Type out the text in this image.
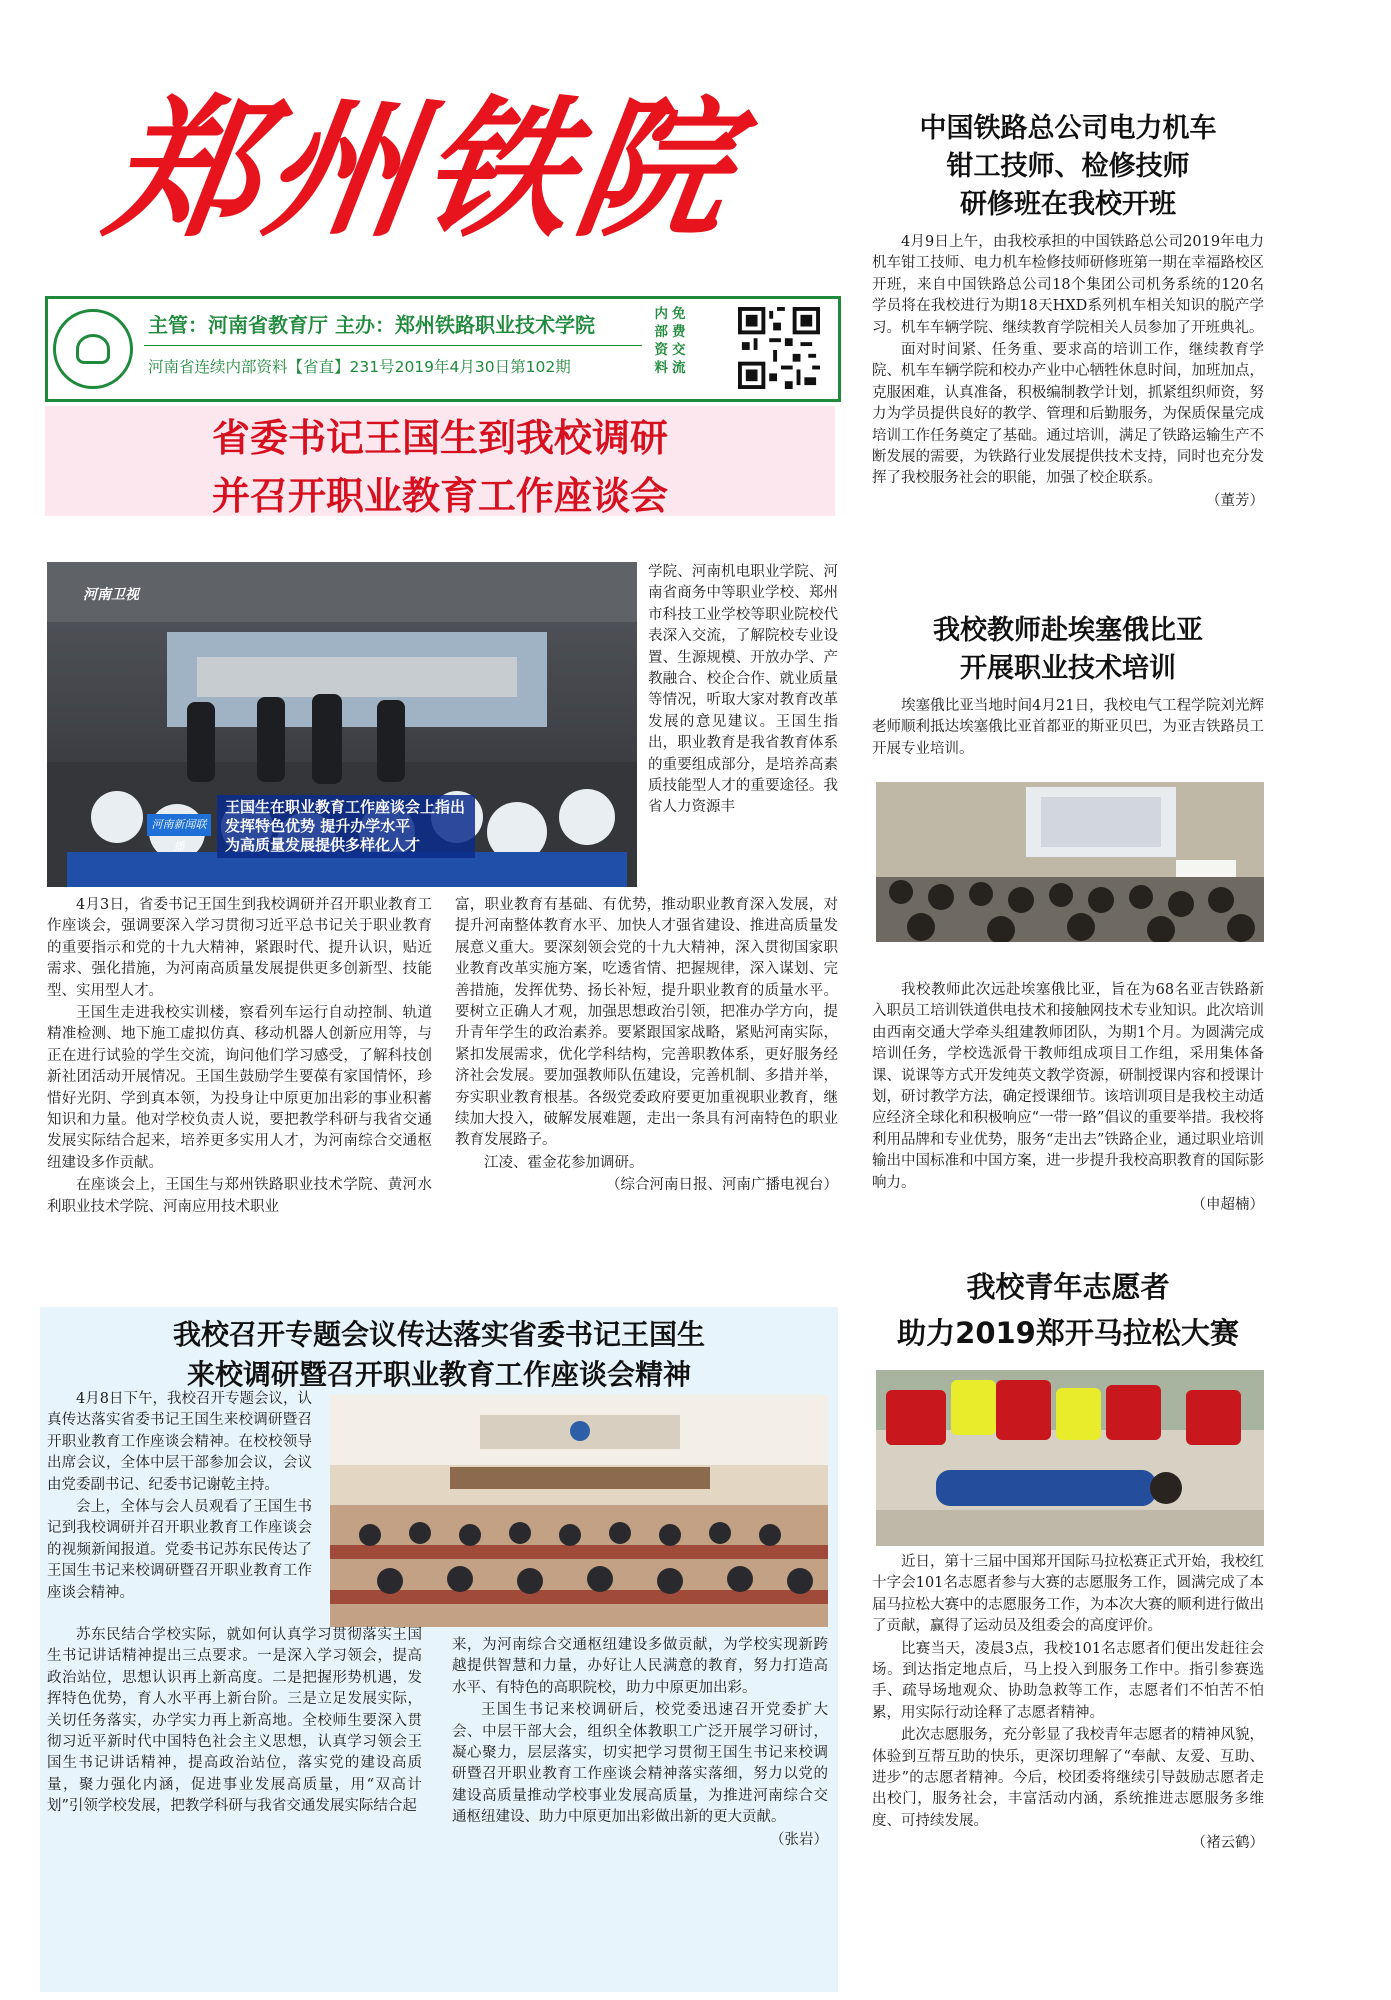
郑州铁院
主管：河南省教育厅 主办：郑州铁路职业技术学院
河南省连续内部资料【省直】231号2019年4月30日第102期
内
部
资
料
免
费
交
流

省委书记王国生到我校调研

并召开职业教育工作座谈会

河南卫视
河南新闻联播
王国生在职业教育工作座谈会上指出
发挥特色优势 提升办学水平
为高质量发展提供多样化人才

学院、河南机电职业学院、河南省商务中等职业学校、郑州市科技工业学校等职业院校代表深入交流，了解院校专业设置、生源规模、开放办学、产教融合、校企合作、就业质量等情况，听取大家对教育改革发展的意见建议。王国生指出，职业教育是我省教育体系的重要组成部分，是培养高素质技能型人才的重要途径。我省人力资源丰

4月3日，省委书记王国生到我校调研并召开职业教育工作座谈会，强调要深入学习贯彻习近平总书记关于职业教育的重要指示和党的十九大精神，紧跟时代、提升认识，贴近需求、强化措施，为河南高质量发展提供更多创新型、技能型、实用型人才。

王国生走进我校实训楼，察看列车运行自动控制、轨道精准检测、地下施工虚拟仿真、移动机器人创新应用等，与正在进行试验的学生交流，询问他们学习感受，了解科技创新社团活动开展情况。王国生鼓励学生要葆有家国情怀，珍惜好光阴、学到真本领，为投身让中原更加出彩的事业积蓄知识和力量。他对学校负责人说，要把教学科研与我省交通发展实际结合起来，培养更多实用人才，为河南综合交通枢纽建设多作贡献。

在座谈会上，王国生与郑州铁路职业技术学院、黄河水利职业技术学院、河南应用技术职业

富，职业教育有基础、有优势，推动职业教育深入发展，对提升河南整体教育水平、加快人才强省建设、推进高质量发展意义重大。要深刻领会党的十九大精神，深入贯彻国家职业教育改革实施方案，吃透省情、把握规律，深入谋划、完善措施，发挥优势、扬长补短，提升职业教育的质量水平。要树立正确人才观，加强思想政治引领，把准办学方向，提升青年学生的政治素养。要紧跟国家战略，紧贴河南实际，紧扣发展需求，优化学科结构，完善职教体系，更好服务经济社会发展。要加强教师队伍建设，完善机制、多措并举，夯实职业教育根基。各级党委政府要更加重视职业教育，继续加大投入，破解发展难题，走出一条具有河南特色的职业教育发展路子。

江凌、霍金花参加调研。

（综合河南日报、河南广播电视台）

我校召开专题会议传达落实省委书记王国生

来校调研暨召开职业教育工作座谈会精神

4月8日下午，我校召开专题会议，认真传达落实省委书记王国生来校调研暨召开职业教育工作座谈会精神。在校校领导出席会议，全体中层干部参加会议，会议由党委副书记、纪委书记谢乾主持。

会上，全体与会人员观看了王国生书记到我校调研并召开职业教育工作座谈会的视频新闻报道。党委书记苏东民传达了王国生书记来校调研暨召开职业教育工作座谈会精神。

苏东民结合学校实际，就如何认真学习贯彻落实王国生书记讲话精神提出三点要求。一是深入学习领会，提高政治站位，思想认识再上新高度。二是把握形势机遇，发挥特色优势，育人水平再上新台阶。三是立足发展实际，关切任务落实，办学实力再上新高地。全校师生要深入贯彻习近平新时代中国特色社会主义思想，认真学习领会王国生书记讲话精神，提高政治站位，落实党的建设高质量，聚力强化内涵，促进事业发展高质量，用“双高计划”引领学校发展，把教学科研与我省交通发展实际结合起

来，为河南综合交通枢纽建设多做贡献，为学校实现新跨越提供智慧和力量，办好让人民满意的教育，努力打造高水平、有特色的高职院校，助力中原更加出彩。

王国生书记来校调研后，校党委迅速召开党委扩大会、中层干部大会，组织全体教职工广泛开展学习研讨，凝心聚力，层层落实，切实把学习贯彻王国生书记来校调研暨召开职业教育工作座谈会精神落实落细，努力以党的建设高质量推动学校事业发展高质量，为推进河南综合交通枢纽建设、助力中原更加出彩做出新的更大贡献。

（张岩）

中国铁路总公司电力机车

钳工技师、检修技师

研修班在我校开班

4月9日上午，由我校承担的中国铁路总公司2019年电力机车钳工技师、电力机车检修技师研修班第一期在幸福路校区开班，来自中国铁路总公司18个集团公司机务系统的120名学员将在我校进行为期18天HXD系列机车相关知识的脱产学习。机车车辆学院、继续教育学院相关人员参加了开班典礼。

面对时间紧、任务重、要求高的培训工作，继续教育学院、机车车辆学院和校办产业中心牺牲休息时间，加班加点，克服困难，认真准备，积极编制教学计划，抓紧组织师资，努力为学员提供良好的教学、管理和后勤服务，为保质保量完成培训工作任务奠定了基础。通过培训，满足了铁路运输生产不断发展的需要，为铁路行业发展提供技术支持，同时也充分发挥了我校服务社会的职能，加强了校企联系。

（董芳）

我校教师赴埃塞俄比亚

开展职业技术培训

埃塞俄比亚当地时间4月21日，我校电气工程学院刘光辉老师顺利抵达埃塞俄比亚首都亚的斯亚贝巴，为亚吉铁路员工开展专业培训。

我校教师此次远赴埃塞俄比亚，旨在为68名亚吉铁路新入职员工培训铁道供电技术和接触网技术专业知识。此次培训由西南交通大学牵头组建教师团队，为期1个月。为圆满完成培训任务，学校选派骨干教师组成项目工作组，采用集体备课、说课等方式开发纯英文教学资源，研制授课内容和授课计划，研讨教学方法，确定授课细节。该培训项目是我校主动适应经济全球化和积极响应“一带一路”倡议的重要举措。我校将利用品牌和专业优势，服务“走出去”铁路企业，通过职业培训输出中国标准和中国方案，进一步提升我校高职教育的国际影响力。

（申超楠）

我校青年志愿者

助力2019郑开马拉松大赛

近日，第十三届中国郑开国际马拉松赛正式开始，我校红十字会101名志愿者参与大赛的志愿服务工作，圆满完成了本届马拉松大赛中的志愿服务工作，为本次大赛的顺利进行做出了贡献，赢得了运动员及组委会的高度评价。

比赛当天，凌晨3点，我校101名志愿者们便出发赶往会场。到达指定地点后，马上投入到服务工作中。指引参赛选手、疏导场地观众、协助急救等工作，志愿者们不怕苦不怕累，用实际行动诠释了志愿者精神。

此次志愿服务，充分彰显了我校青年志愿者的精神风貌，体验到互帮互助的快乐，更深切理解了“奉献、友爱、互助、进步”的志愿者精神。今后，校团委将继续引导鼓励志愿者走出校门，服务社会，丰富活动内涵，系统推进志愿服务多维度、可持续发展。

（褚云鹤）
